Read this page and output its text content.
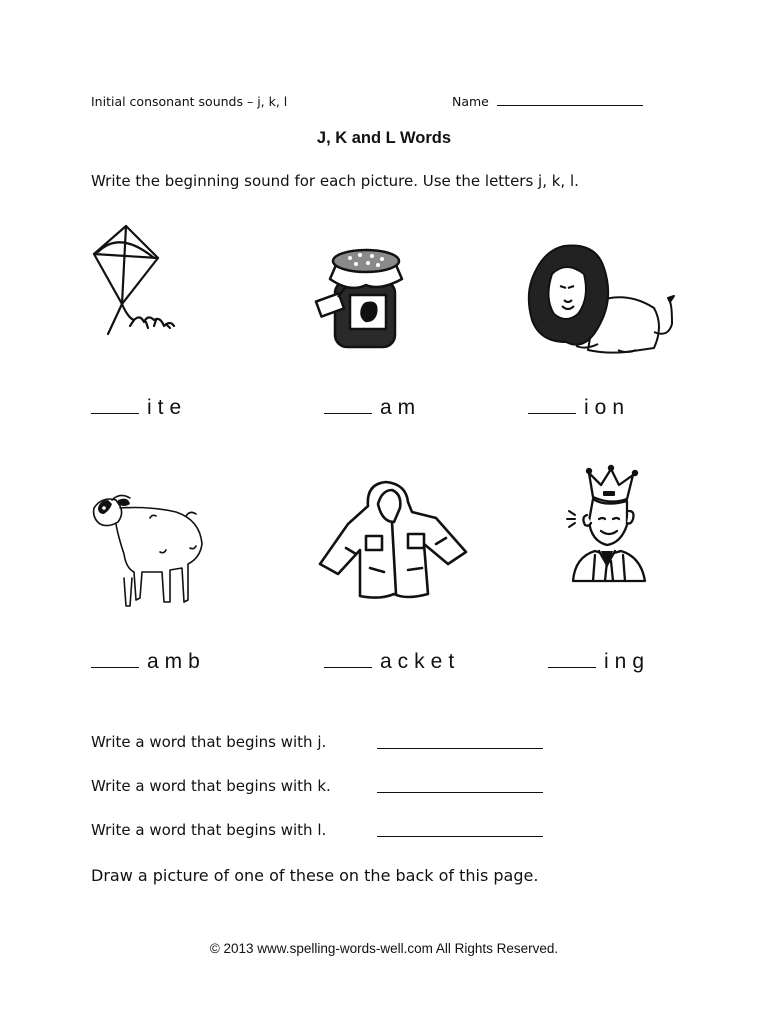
Initial consonant sounds – j, k, l	Name
J, K and L Words
Write the beginning sound for each picture. Use the letters j, k, l.
ite	am	ion
amb	acket	ing
Write a word that begins with j.
Write a word that begins with k.
Write a word that begins with l.
Draw a picture of one of these on the back of this page.
© 2013 www.spelling-words-well.com All Rights Reserved.
